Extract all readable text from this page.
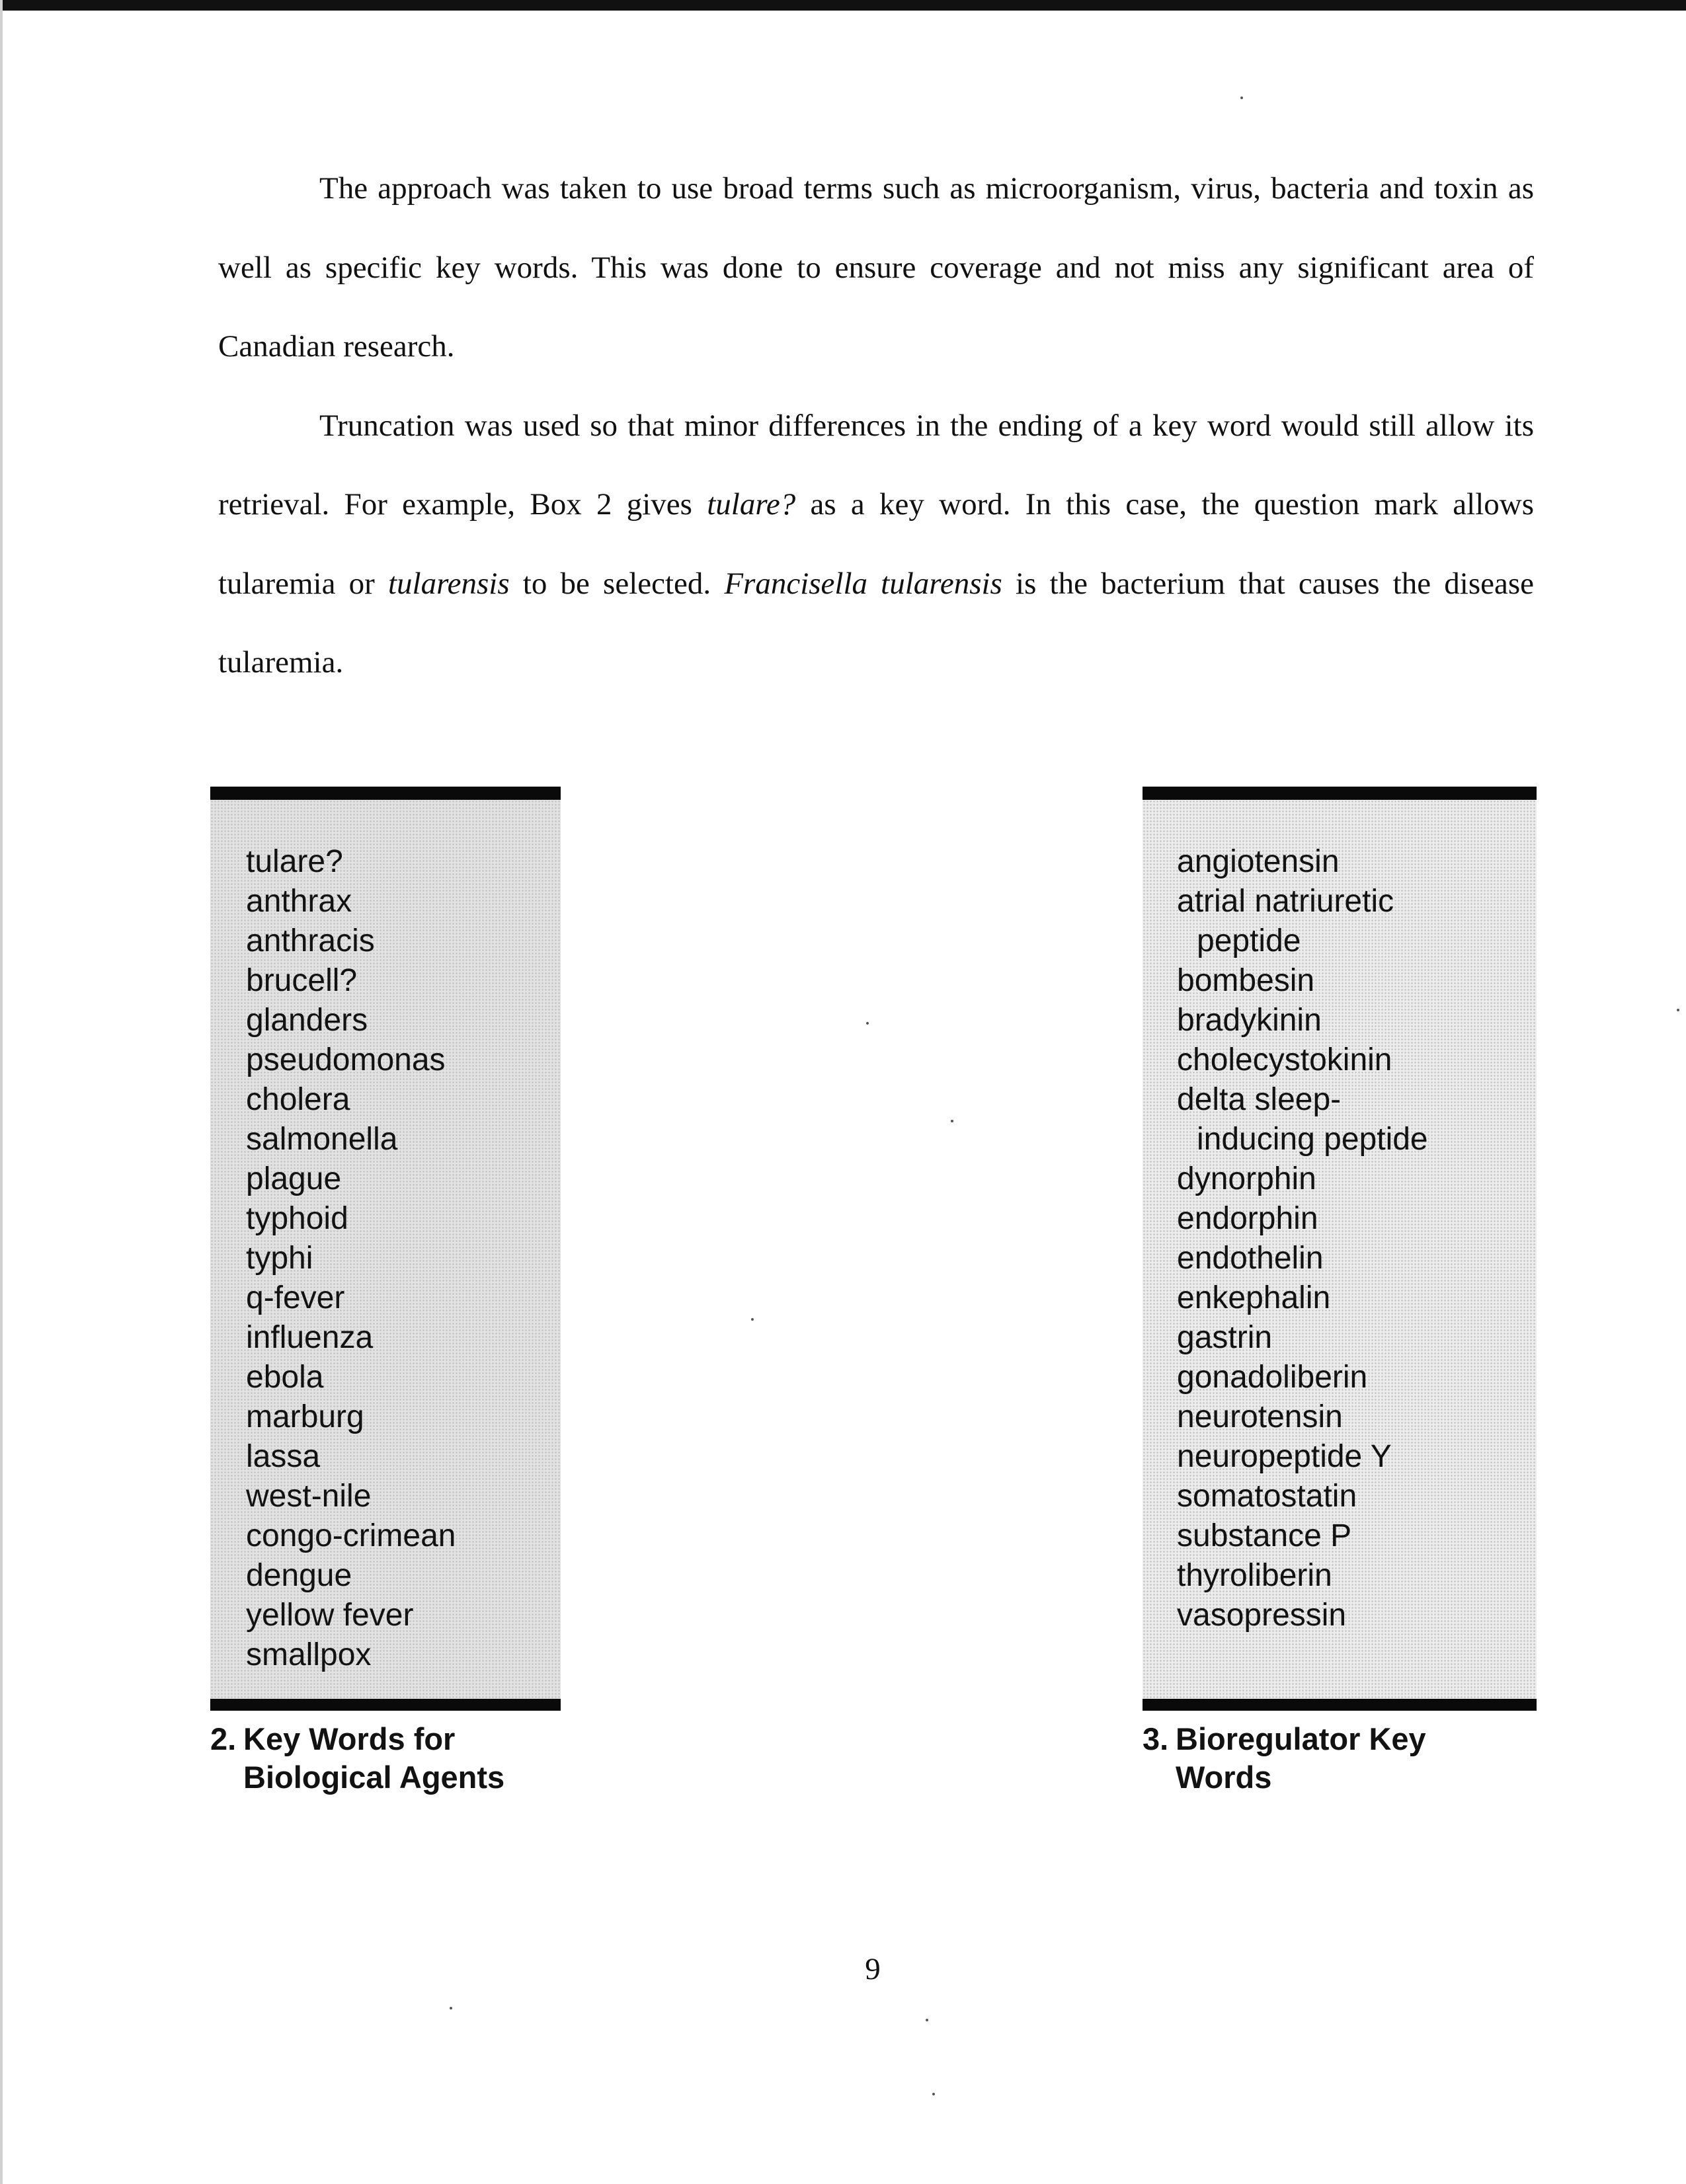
The approach was taken to use broad terms such as microorganism, virus, bacteria and toxin as well as specific key words. This was done to ensure coverage and not miss any significant area of Canadian research.

Truncation was used so that minor differences in the ending of a key word would still allow its retrieval. For example, Box 2 gives tulare? as a key word. In this case, the question mark allows tularemia or tularensis to be selected. Francisella tularensis is the bacterium that causes the disease tularemia.

tulare?
anthrax
anthracis
brucell?
glanders
pseudomonas
cholera
salmonella
plague
typhoid
typhi
q-fever
influenza
ebola
marburg
lassa
west-nile
congo-crimean
dengue
yellow fever
smallpox
2. Key Words for
Biological Agents
angiotensin
atrial natriuretic
peptide
bombesin
bradykinin
cholecystokinin
delta sleep-
inducing peptide
dynorphin
endorphin
endothelin
enkephalin
gastrin
gonadoliberin
neurotensin
neuropeptide Y
somatostatin
substance P
thyroliberin
vasopressin
3. Bioregulator Key
Words
9
